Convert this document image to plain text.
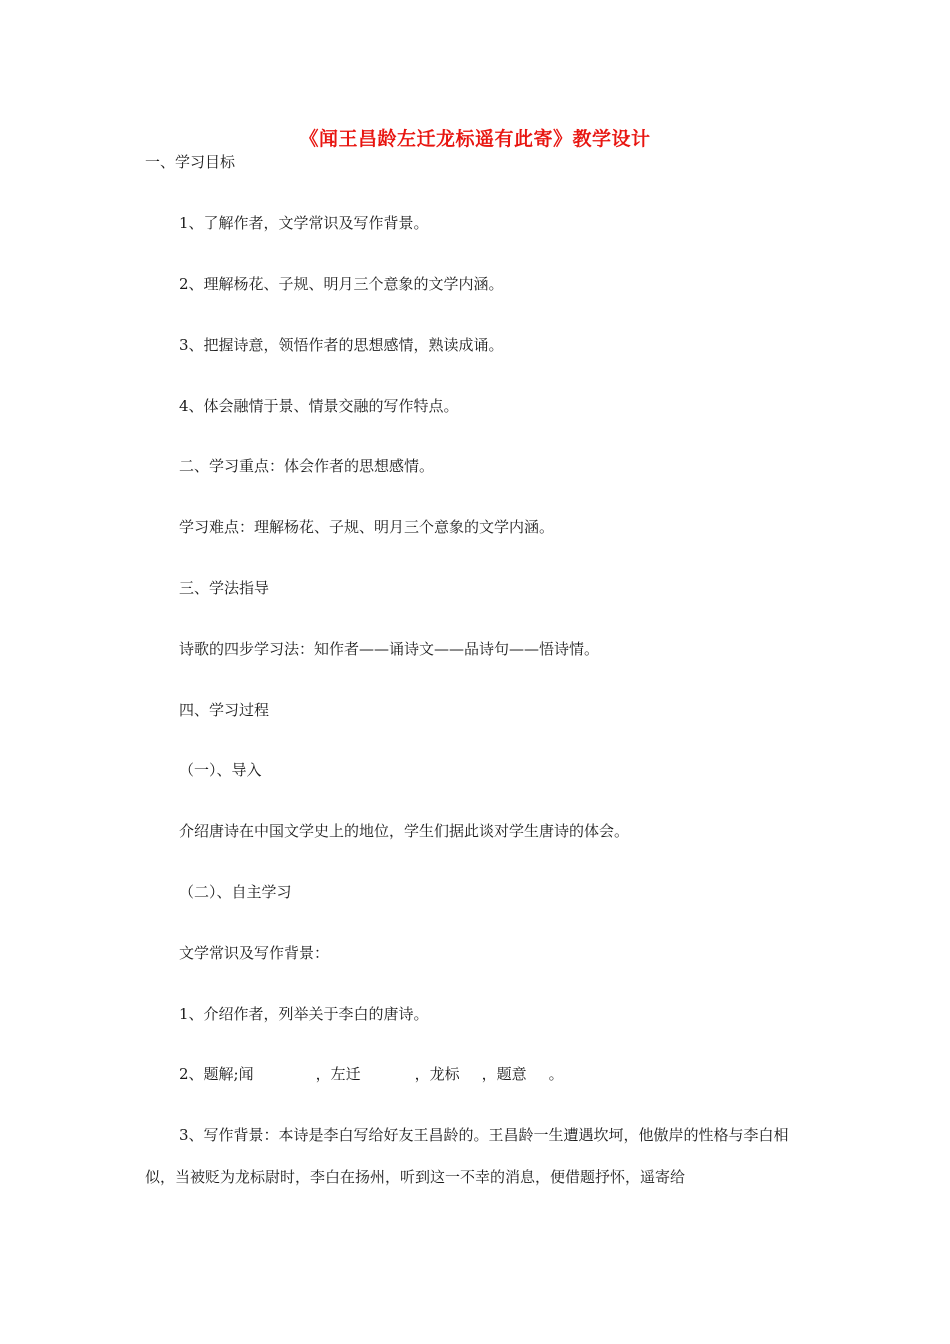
《闻王昌龄左迁龙标遥有此寄》教学设计
一、学习目标
1、了解作者，文学常识及写作背景。
2、理解杨花、子规、明月三个意象的文学内涵。
3、把握诗意，领悟作者的思想感情，熟读成诵。
4、体会融情于景、情景交融的写作特点。
二、学习重点：体会作者的思想感情。
学习难点：理解杨花、子规、明月三个意象的文学内涵。
三、学法指导
诗歌的四步学习法：知作者——诵诗文——品诗句——悟诗情。
四、学习过程
（一）、导入
介绍唐诗在中国文学史上的地位，学生们据此谈对学生唐诗的体会。
（二）、自主学习
文学常识及写作背景：
1、介绍作者，列举关于李白的唐诗。
2、题解;闻	，左迁	，龙标 ，题意 。
3、写作背景：本诗是李白写给好友王昌龄的。王昌龄一生遭遇坎坷，他傲岸的性格与李白相似，当被贬为龙标尉时，李白在扬州，听到这一不幸的消息，便借题抒怀，遥寄给
